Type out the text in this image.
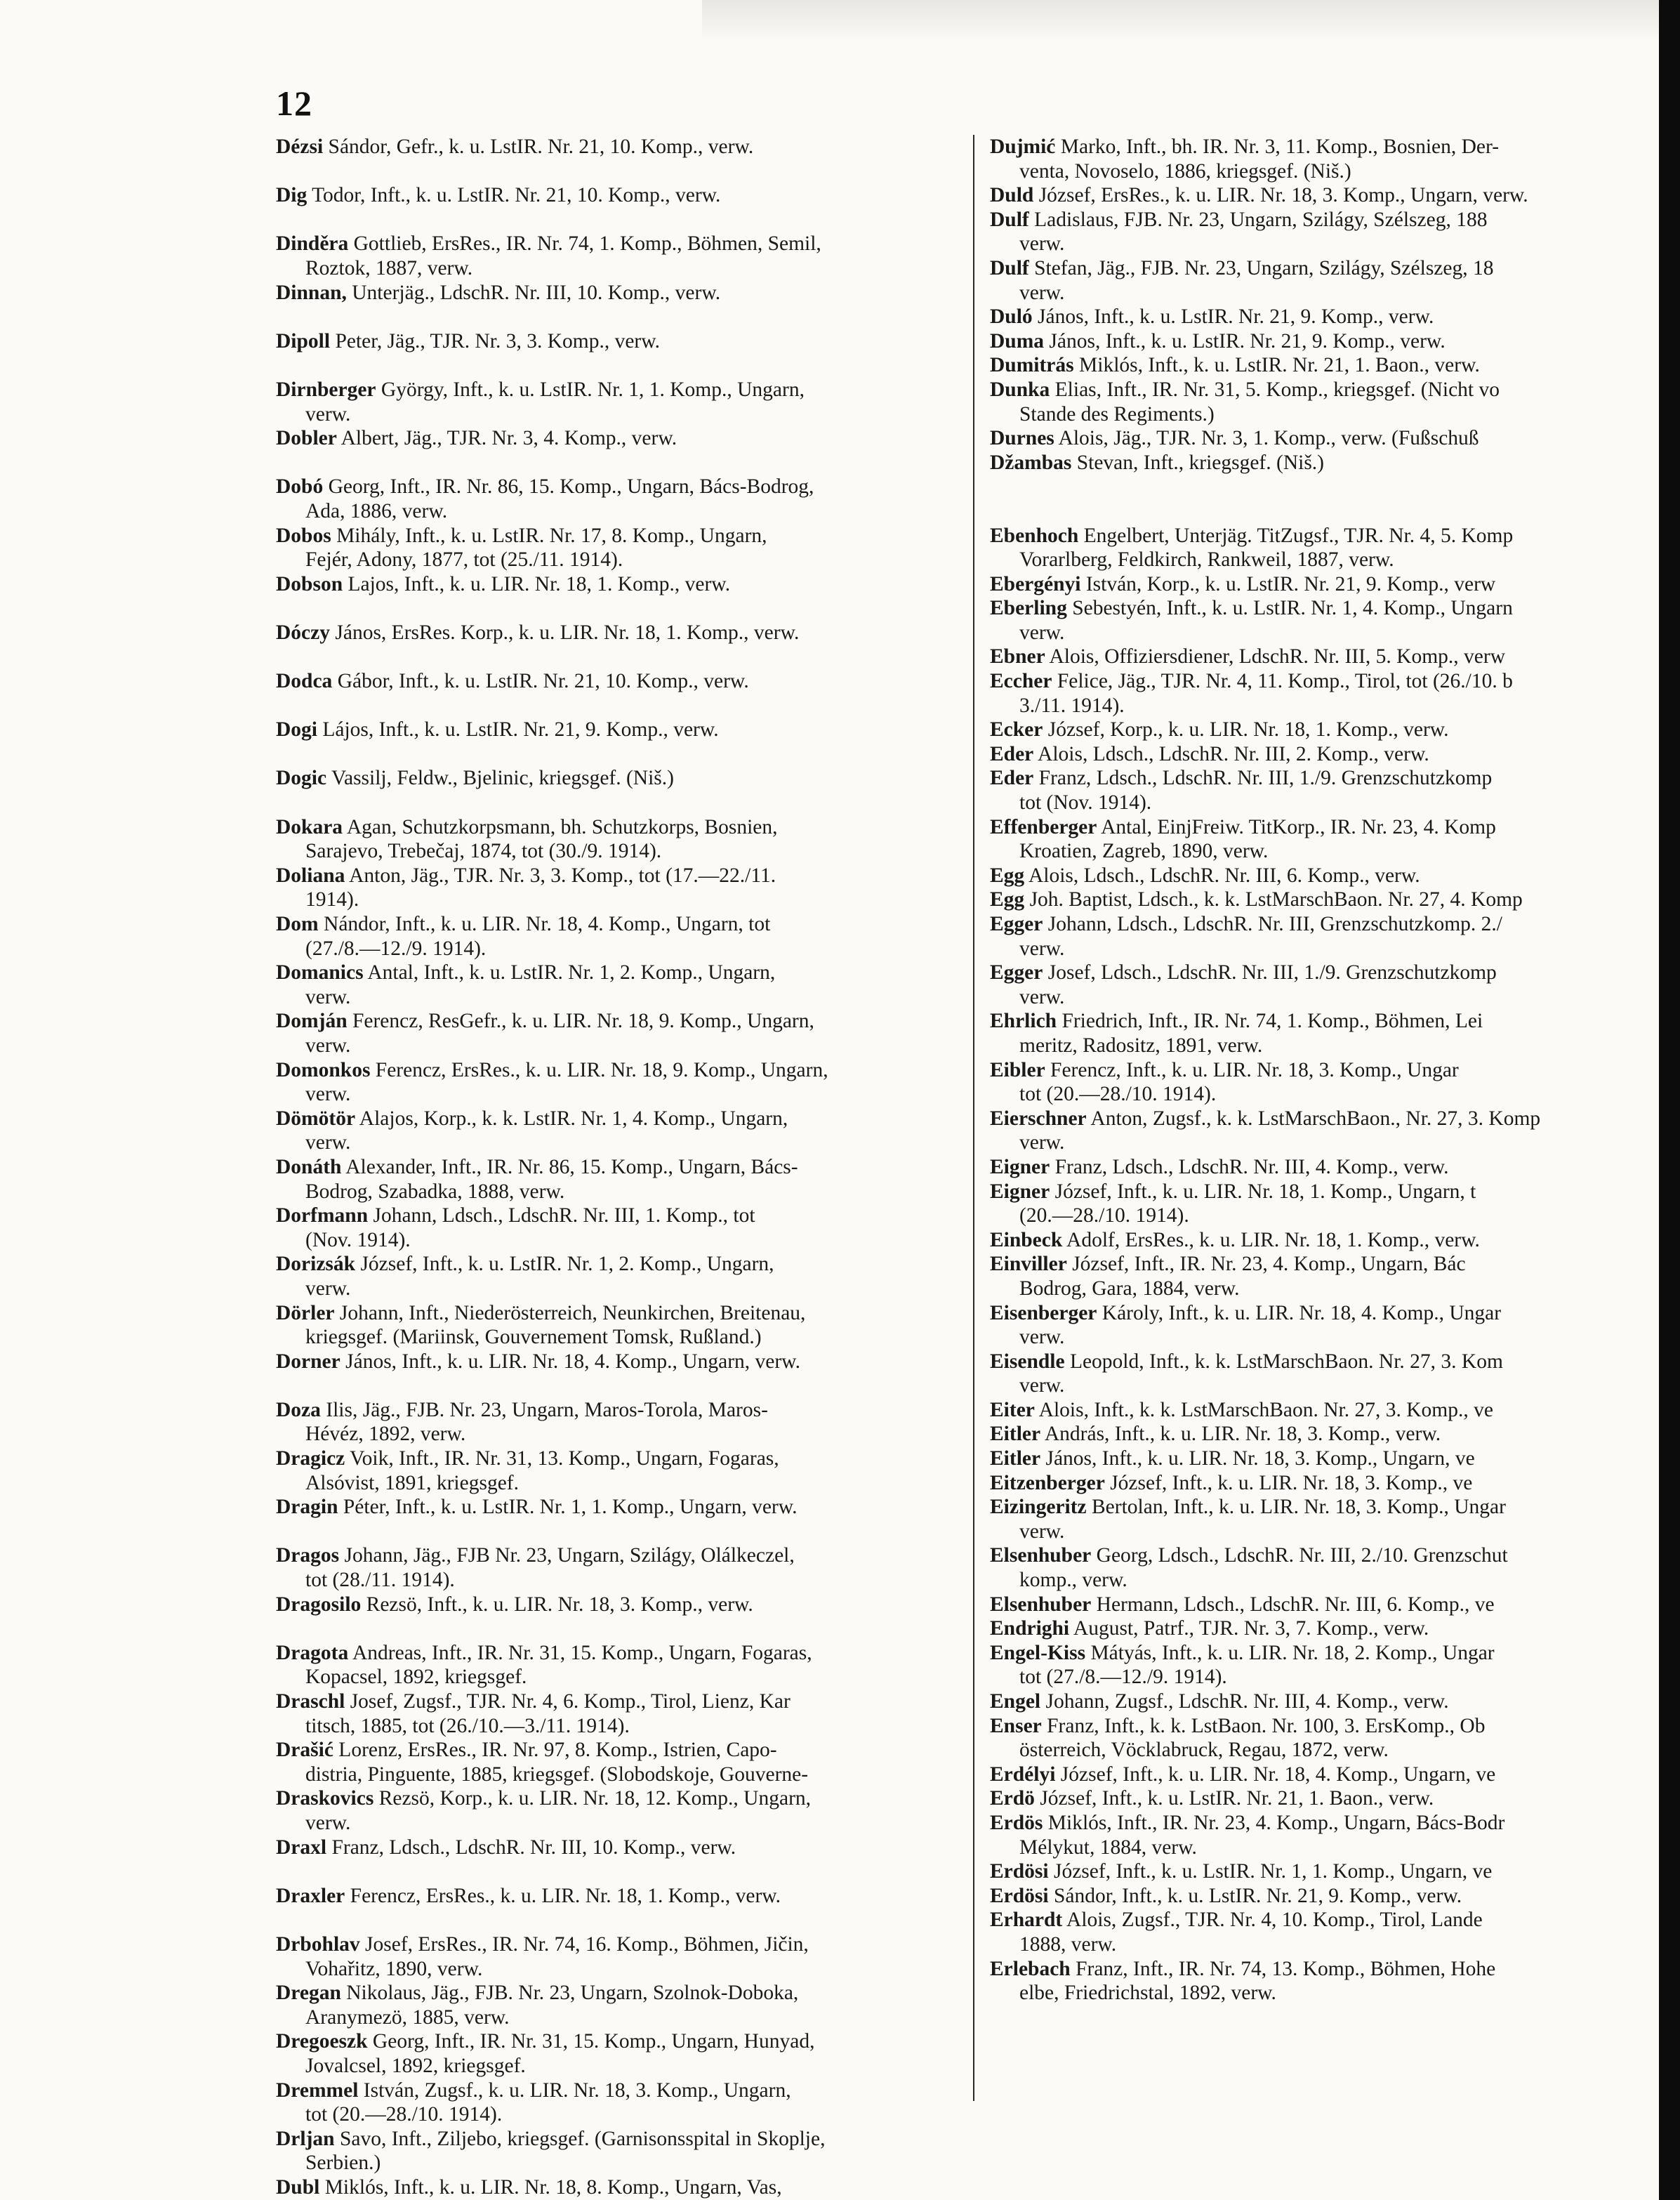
12
Dézsi Sándor, Gefr., k. u. LstIR. Nr. 21, 10. Komp., verw.
Dig Todor, Inft., k. u. LstIR. Nr. 21, 10. Komp., verw.
Dinděra Gottlieb, ErsRes., IR. Nr. 74, 1. Komp., Böhmen, Semil,
Roztok, 1887, verw.
Dinnan, Unterjäg., LdschR. Nr. III, 10. Komp., verw.
Dipoll Peter, Jäg., TJR. Nr. 3, 3. Komp., verw.
Dirnberger György, Inft., k. u. LstIR. Nr. 1, 1. Komp., Ungarn,
verw.
Dobler Albert, Jäg., TJR. Nr. 3, 4. Komp., verw.
Dobó Georg, Inft., IR. Nr. 86, 15. Komp., Ungarn, Bács-Bodrog,
Ada, 1886, verw.
Dobos Mihály, Inft., k. u. LstIR. Nr. 17, 8. Komp., Ungarn,
Fejér, Adony, 1877, tot (25./11. 1914).
Dobson Lajos, Inft., k. u. LIR. Nr. 18, 1. Komp., verw.
Dóczy János, ErsRes. Korp., k. u. LIR. Nr. 18, 1. Komp., verw.
Dodca Gábor, Inft., k. u. LstIR. Nr. 21, 10. Komp., verw.
Dogi Lájos, Inft., k. u. LstIR. Nr. 21, 9. Komp., verw.
Dogic Vassilj, Feldw., Bjelinic, kriegsgef. (Niš.)
Dokara Agan, Schutzkorpsmann, bh. Schutzkorps, Bosnien,
Sarajevo, Trebečaj, 1874, tot (30./9. 1914).
Doliana Anton, Jäg., TJR. Nr. 3, 3. Komp., tot (17.—22./11.
1914).
Dom Nándor, Inft., k. u. LIR. Nr. 18, 4. Komp., Ungarn, tot
(27./8.—12./9. 1914).
Domanics Antal, Inft., k. u. LstIR. Nr. 1, 2. Komp., Ungarn,
verw.
Domján Ferencz, ResGefr., k. u. LIR. Nr. 18, 9. Komp., Ungarn,
verw.
Domonkos Ferencz, ErsRes., k. u. LIR. Nr. 18, 9. Komp., Ungarn,
verw.
Dömötör Alajos, Korp., k. k. LstIR. Nr. 1, 4. Komp., Ungarn,
verw.
Donáth Alexander, Inft., IR. Nr. 86, 15. Komp., Ungarn, Bács-
Bodrog, Szabadka, 1888, verw.
Dorfmann Johann, Ldsch., LdschR. Nr. III, 1. Komp., tot
(Nov. 1914).
Dorizsák József, Inft., k. u. LstIR. Nr. 1, 2. Komp., Ungarn,
verw.
Dörler Johann, Inft., Niederösterreich, Neunkirchen, Breitenau,
kriegsgef. (Mariinsk, Gouvernement Tomsk, Rußland.)
Dorner János, Inft., k. u. LIR. Nr. 18, 4. Komp., Ungarn, verw.
Doza Ilis, Jäg., FJB. Nr. 23, Ungarn, Maros-Torola, Maros-
Hévéz, 1892, verw.
Dragicz Voik, Inft., IR. Nr. 31, 13. Komp., Ungarn, Fogaras,
Alsóvist, 1891, kriegsgef.
Dragin Péter, Inft., k. u. LstIR. Nr. 1, 1. Komp., Ungarn, verw.
Dragos Johann, Jäg., FJB Nr. 23, Ungarn, Szilágy, Olálkeczel,
tot (28./11. 1914).
Dragosilo Rezsö, Inft., k. u. LIR. Nr. 18, 3. Komp., verw.
Dragota Andreas, Inft., IR. Nr. 31, 15. Komp., Ungarn, Fogaras,
Kopacsel, 1892, kriegsgef.
Draschl Josef, Zugsf., TJR. Nr. 4, 6. Komp., Tirol, Lienz, Kar
titsch, 1885, tot (26./10.—3./11. 1914).
Drašić Lorenz, ErsRes., IR. Nr. 97, 8. Komp., Istrien, Capo-
distria, Pinguente, 1885, kriegsgef. (Slobodskoje, Gouverne-
Draskovics Rezsö, Korp., k. u. LIR. Nr. 18, 12. Komp., Ungarn,
verw.
Draxl Franz, Ldsch., LdschR. Nr. III, 10. Komp., verw.
Draxler Ferencz, ErsRes., k. u. LIR. Nr. 18, 1. Komp., verw.
Drbohlav Josef, ErsRes., IR. Nr. 74, 16. Komp., Böhmen, Jičin,
Vohařitz, 1890, verw.
Dregan Nikolaus, Jäg., FJB. Nr. 23, Ungarn, Szolnok-Doboka,
Aranymezö, 1885, verw.
Dregoeszk Georg, Inft., IR. Nr. 31, 15. Komp., Ungarn, Hunyad,
Jovalcsel, 1892, kriegsgef.
Dremmel István, Zugsf., k. u. LIR. Nr. 18, 3. Komp., Ungarn,
tot (20.—28./10. 1914).
Drljan Savo, Inft., Ziljebo, kriegsgef. (Garnisonsspital in Skoplje,
Serbien.)
Dubl Miklós, Inft., k. u. LIR. Nr. 18, 8. Komp., Ungarn, Vas,
Dujmić Marko, Inft., bh. IR. Nr. 3, 11. Komp., Bosnien, Der-
venta, Novoselo, 1886, kriegsgef. (Niš.)
Duld József, ErsRes., k. u. LIR. Nr. 18, 3. Komp., Ungarn, verw.
Dulf Ladislaus, FJB. Nr. 23, Ungarn, Szilágy, Szélszeg, 188
verw.
Dulf Stefan, Jäg., FJB. Nr. 23, Ungarn, Szilágy, Szélszeg, 18
verw.
Duló János, Inft., k. u. LstIR. Nr. 21, 9. Komp., verw.
Duma János, Inft., k. u. LstIR. Nr. 21, 9. Komp., verw.
Dumitrás Miklós, Inft., k. u. LstIR. Nr. 21, 1. Baon., verw.
Dunka Elias, Inft., IR. Nr. 31, 5. Komp., kriegsgef. (Nicht vo
Stande des Regiments.)
Durnes Alois, Jäg., TJR. Nr. 3, 1. Komp., verw. (Fußschuß
Džambas Stevan, Inft., kriegsgef. (Niš.)
Ebenhoch Engelbert, Unterjäg. TitZugsf., TJR. Nr. 4, 5. Komp
Vorarlberg, Feldkirch, Rankweil, 1887, verw.
Ebergényi István, Korp., k. u. LstIR. Nr. 21, 9. Komp., verw
Eberling Sebestyén, Inft., k. u. LstIR. Nr. 1, 4. Komp., Ungarn
verw.
Ebner Alois, Offiziersdiener, LdschR. Nr. III, 5. Komp., verw
Eccher Felice, Jäg., TJR. Nr. 4, 11. Komp., Tirol, tot (26./10. b
3./11. 1914).
Ecker József, Korp., k. u. LIR. Nr. 18, 1. Komp., verw.
Eder Alois, Ldsch., LdschR. Nr. III, 2. Komp., verw.
Eder Franz, Ldsch., LdschR. Nr. III, 1./9. Grenzschutzkomp
tot (Nov. 1914).
Effenberger Antal, EinjFreiw. TitKorp., IR. Nr. 23, 4. Komp
Kroatien, Zagreb, 1890, verw.
Egg Alois, Ldsch., LdschR. Nr. III, 6. Komp., verw.
Egg Joh. Baptist, Ldsch., k. k. LstMarschBaon. Nr. 27, 4. Komp
Egger Johann, Ldsch., LdschR. Nr. III, Grenzschutzkomp. 2./
verw.
Egger Josef, Ldsch., LdschR. Nr. III, 1./9. Grenzschutzkomp
verw.
Ehrlich Friedrich, Inft., IR. Nr. 74, 1. Komp., Böhmen, Lei
meritz, Radositz, 1891, verw.
Eibler Ferencz, Inft., k. u. LIR. Nr. 18, 3. Komp., Ungar
tot (20.—28./10. 1914).
Eierschner Anton, Zugsf., k. k. LstMarschBaon., Nr. 27, 3. Komp
verw.
Eigner Franz, Ldsch., LdschR. Nr. III, 4. Komp., verw.
Eigner József, Inft., k. u. LIR. Nr. 18, 1. Komp., Ungarn, t
(20.—28./10. 1914).
Einbeck Adolf, ErsRes., k. u. LIR. Nr. 18, 1. Komp., verw.
Einviller József, Inft., IR. Nr. 23, 4. Komp., Ungarn, Bác
Bodrog, Gara, 1884, verw.
Eisenberger Károly, Inft., k. u. LIR. Nr. 18, 4. Komp., Ungar
verw.
Eisendle Leopold, Inft., k. k. LstMarschBaon. Nr. 27, 3. Kom
verw.
Eiter Alois, Inft., k. k. LstMarschBaon. Nr. 27, 3. Komp., ve
Eitler András, Inft., k. u. LIR. Nr. 18, 3. Komp., verw.
Eitler János, Inft., k. u. LIR. Nr. 18, 3. Komp., Ungarn, ve
Eitzenberger József, Inft., k. u. LIR. Nr. 18, 3. Komp., ve
Eizingeritz Bertolan, Inft., k. u. LIR. Nr. 18, 3. Komp., Ungar
verw.
Elsenhuber Georg, Ldsch., LdschR. Nr. III, 2./10. Grenzschut
komp., verw.
Elsenhuber Hermann, Ldsch., LdschR. Nr. III, 6. Komp., ve
Endrighi August, Patrf., TJR. Nr. 3, 7. Komp., verw.
Engel-Kiss Mátyás, Inft., k. u. LIR. Nr. 18, 2. Komp., Ungar
tot (27./8.—12./9. 1914).
Engel Johann, Zugsf., LdschR. Nr. III, 4. Komp., verw.
Enser Franz, Inft., k. k. LstBaon. Nr. 100, 3. ErsKomp., Ob
österreich, Vöcklabruck, Regau, 1872, verw.
Erdélyi József, Inft., k. u. LIR. Nr. 18, 4. Komp., Ungarn, ve
Erdö József, Inft., k. u. LstIR. Nr. 21, 1. Baon., verw.
Erdös Miklós, Inft., IR. Nr. 23, 4. Komp., Ungarn, Bács-Bodr
Mélykut, 1884, verw.
Erdösi József, Inft., k. u. LstIR. Nr. 1, 1. Komp., Ungarn, ve
Erdösi Sándor, Inft., k. u. LstIR. Nr. 21, 9. Komp., verw.
Erhardt Alois, Zugsf., TJR. Nr. 4, 10. Komp., Tirol, Lande
1888, verw.
Erlebach Franz, Inft., IR. Nr. 74, 13. Komp., Böhmen, Hohe
elbe, Friedrichstal, 1892, verw.
